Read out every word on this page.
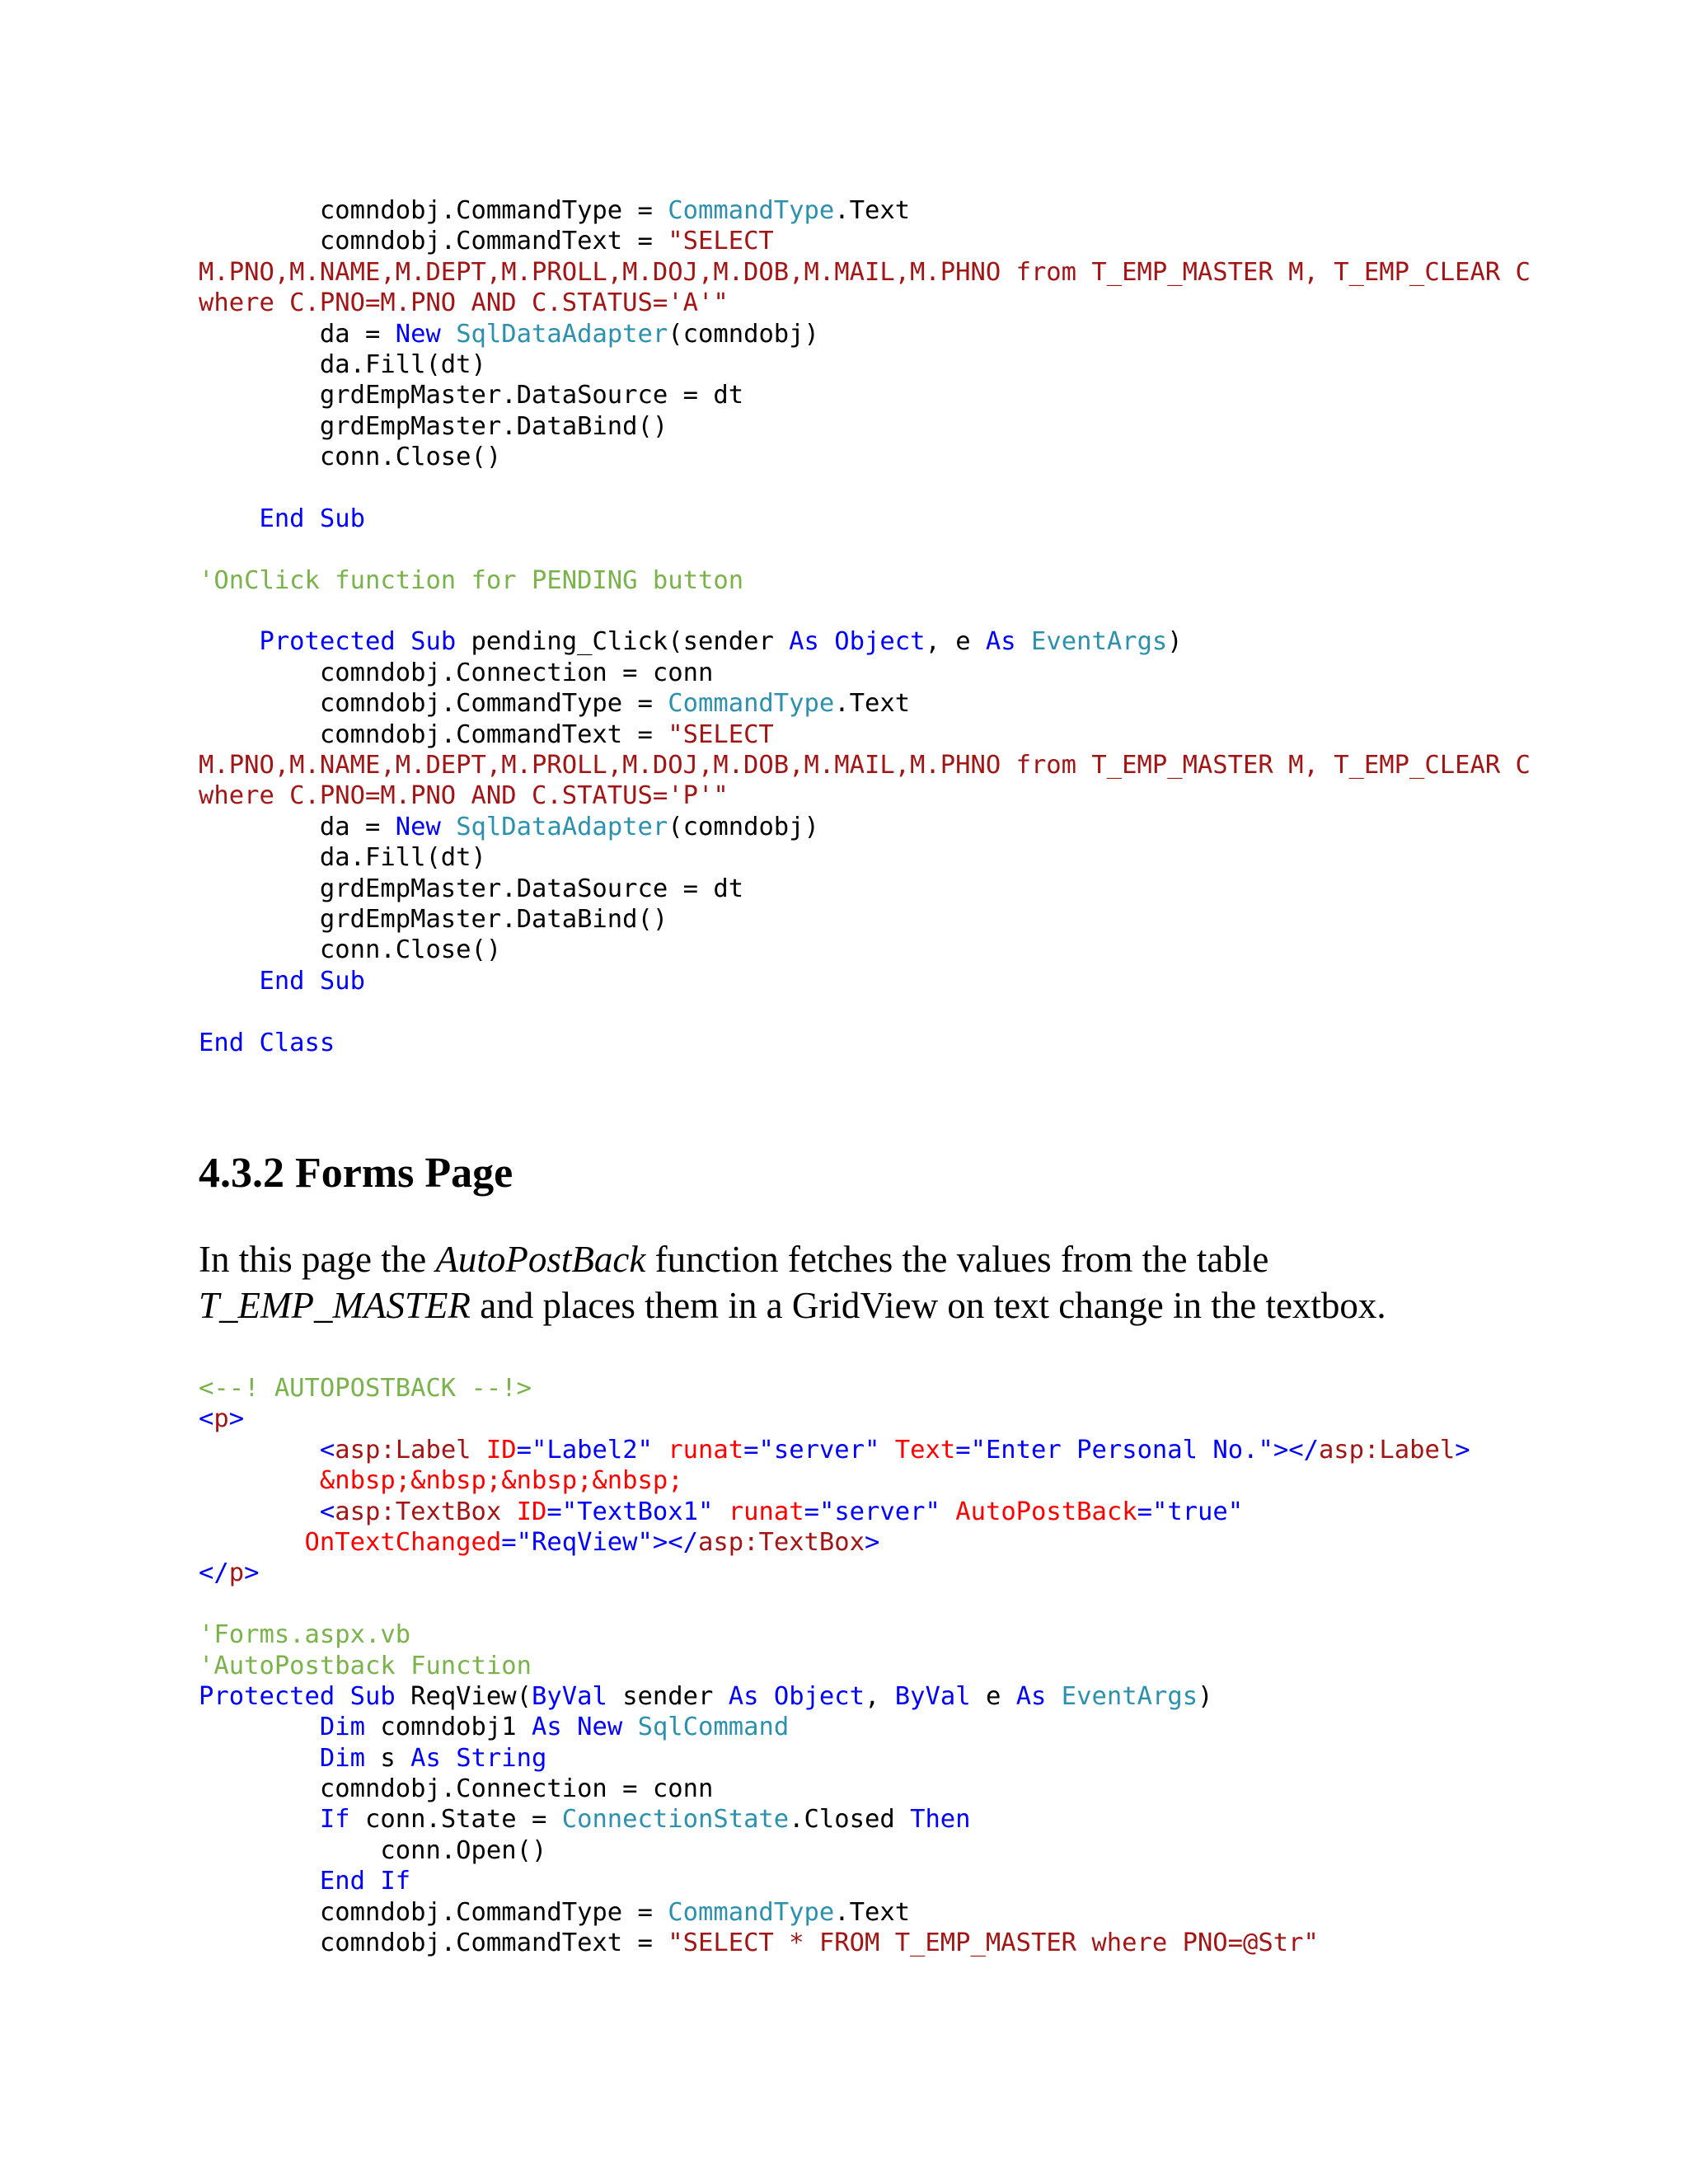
comndobj.CommandType = CommandType.Text
comndobj.CommandText = "SELECT
M.PNO,M.NAME,M.DEPT,M.PROLL,M.DOJ,M.DOB,M.MAIL,M.PHNO from T_EMP_MASTER M, T_EMP_CLEAR C
where C.PNO=M.PNO AND C.STATUS='A'"
da = New SqlDataAdapter(comndobj)
da.Fill(dt)
grdEmpMaster.DataSource = dt
grdEmpMaster.DataBind()
conn.Close()
End Sub
'OnClick function for PENDING button
Protected Sub pending_Click(sender As Object, e As EventArgs)
comndobj.Connection = conn
comndobj.CommandType = CommandType.Text
comndobj.CommandText = "SELECT
M.PNO,M.NAME,M.DEPT,M.PROLL,M.DOJ,M.DOB,M.MAIL,M.PHNO from T_EMP_MASTER M, T_EMP_CLEAR C
where C.PNO=M.PNO AND C.STATUS='P'"
da = New SqlDataAdapter(comndobj)
da.Fill(dt)
grdEmpMaster.DataSource = dt
grdEmpMaster.DataBind()
conn.Close()
End Sub
End Class
4.3.2 Forms Page

In this page the AutoPostBack function fetches the values from the table
T_EMP_MASTER and places them in a GridView on text change in the textbox.

<--! AUTOPOSTBACK --!>
<p>
<asp:Label ID="Label2" runat="server" Text="Enter Personal No."></asp:Label>
&nbsp;&nbsp;&nbsp;&nbsp;
<asp:TextBox ID="TextBox1" runat="server" AutoPostBack="true"
OnTextChanged="ReqView"></asp:TextBox>
</p>
'Forms.aspx.vb
'AutoPostback Function
Protected Sub ReqView(ByVal sender As Object, ByVal e As EventArgs)
Dim comndobj1 As New SqlCommand
Dim s As String
comndobj.Connection = conn
If conn.State = ConnectionState.Closed Then
conn.Open()
End If
comndobj.CommandType = CommandType.Text
comndobj.CommandText = "SELECT * FROM T_EMP_MASTER where PNO=@Str"
